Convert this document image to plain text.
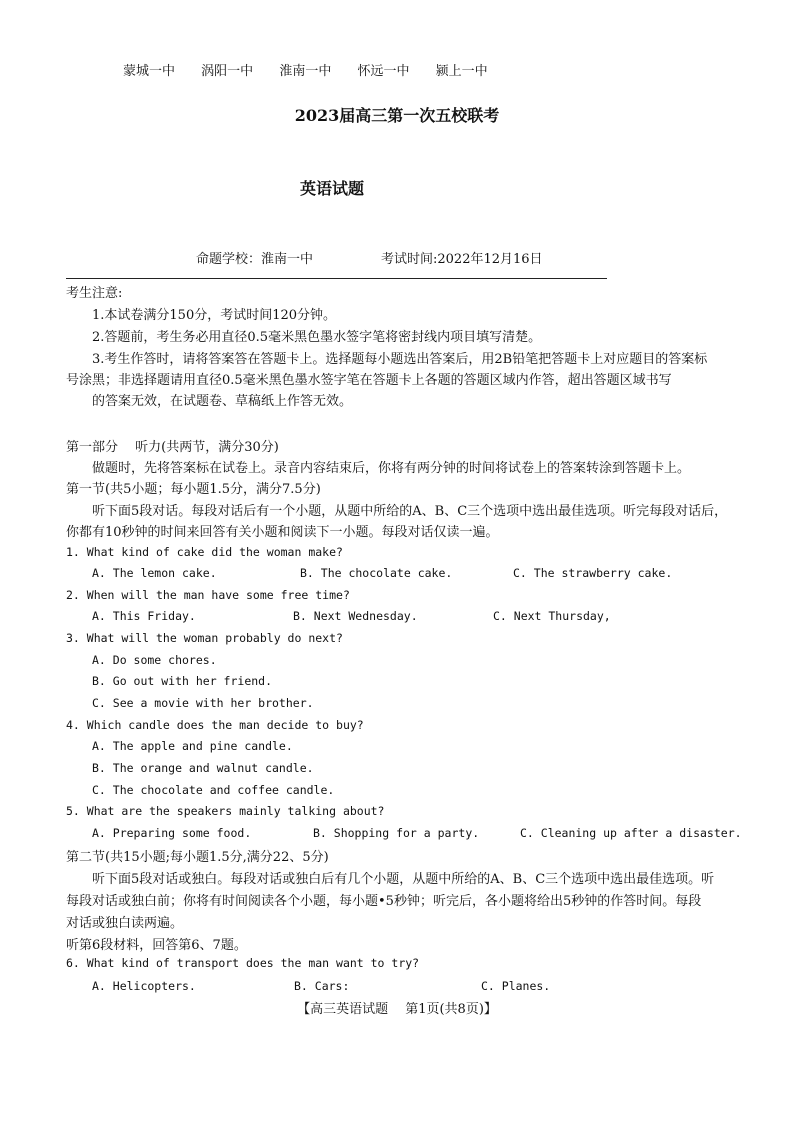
蒙城一中 涡阳一中 淮南一中 怀远一中 颍上一中
2023届高三第一次五校联考
英语试题
命题学校：淮南一中	考试时间:2022年12月16日
考生注意:
1.本试卷满分150分，考试时间120分钟。
2.答题前，考生务必用直径0.5毫米黑色墨水签字笔将密封线内项目填写清楚。
3.考生作答时，请将答案答在答题卡上。选择题每小题选出答案后，用2B铅笔把答题卡上对应题目的答案标
号涂黑；非选择题请用直径0.5毫米黑色墨水签字笔在答题卡上各题的答题区域内作答，超出答题区域书写
的答案无效，在试题卷、草稿纸上作答无效。
第一部分　 听力(共两节，满分30分)
做题时，先将答案标在试卷上。录音内容结束后，你将有两分钟的时间将试卷上的答案转涂到答题卡上。
第一节(共5小题；每小题1.5分，满分7.5分)
听下面5段对话。每段对话后有一个小题，从题中所给的A、B、C三个选项中选出最佳选项。听完每段对话后，
你都有10秒钟的时间来回答有关小题和阅读下一小题。每段对话仅读一遍。
1. What kind of cake did the woman make?
A. The lemon cake.	B. The chocolate cake.	C. The strawberry cake.
2. When will the man have some free time?
A. This Friday.	B. Next Wednesday.	C. Next Thursday,
3. What will the woman probably do next?
A. Do some chores.
B. Go out with her friend.
C. See a movie with her brother.
4. Which candle does the man decide to buy?
A. The apple and pine candle.
B. The orange and walnut candle.
C. The chocolate and coffee candle.
5. What are the speakers mainly talking about?
A. Preparing some food.	B. Shopping for a party.	C. Cleaning up after a disaster.
第二节(共15小题;每小题1.5分,满分22、5分)
听下面5段对话或独白。每段对话或独白后有几个小题，从题中所给的A、B、C三个选项中选出最佳选项。听
每段对话或独白前；你将有时间阅读各个小题，每小题•5秒钟；听完后，各小题将给出5秒钟的作答时间。每段
对话或独白读两遍。
听第6段材料，回答第6、7题。
6. What kind of transport does the man want to try?
A. Helicopters.	B. Cars:	C. Planes.
【高三英语试题　 第1页(共8页)】
